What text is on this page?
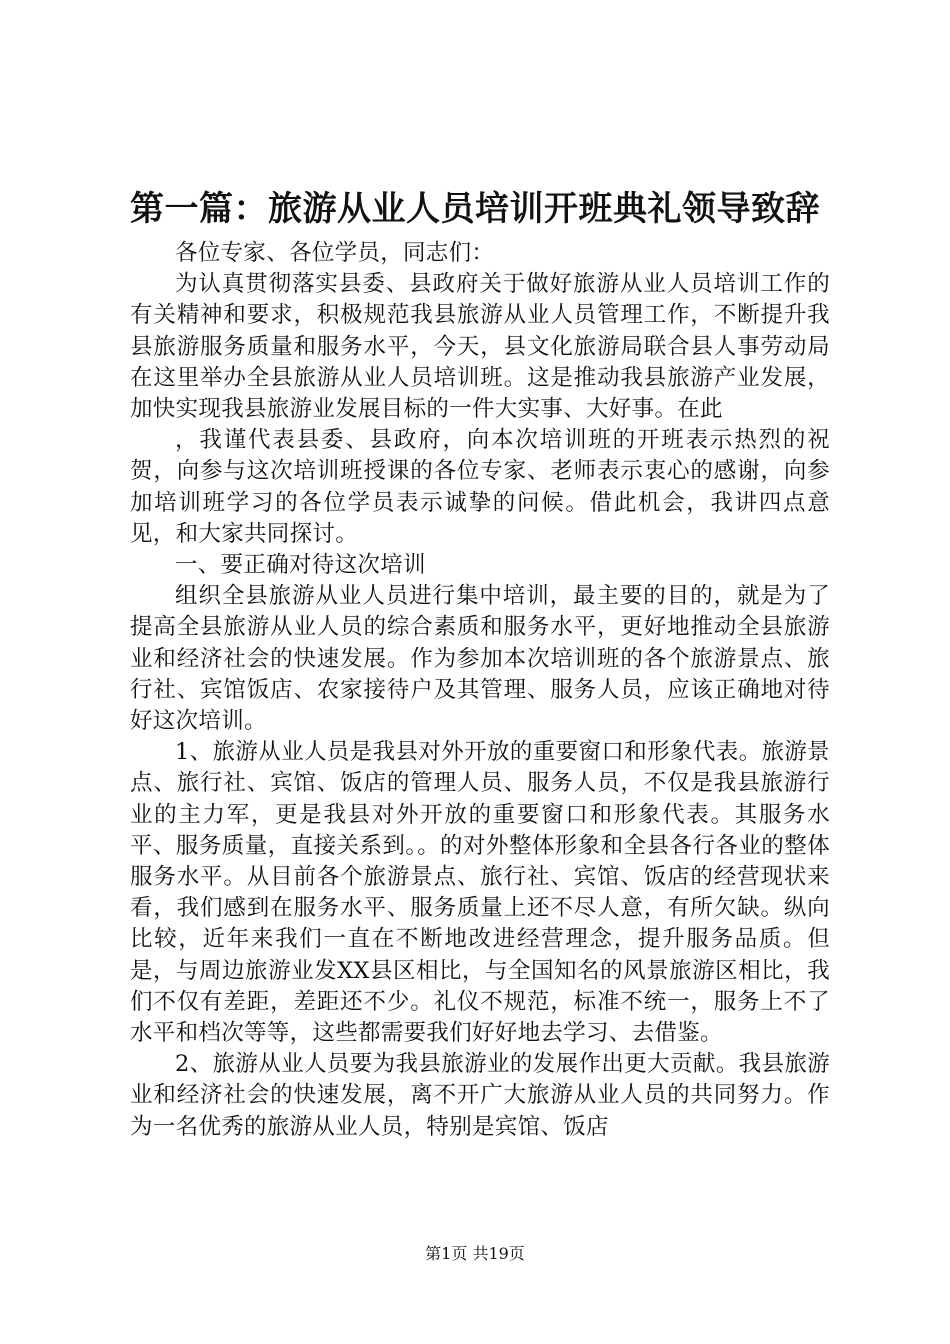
第一篇：旅游从业人员培训开班典礼领导致辞

各位专家、各位学员，同志们：

为认真贯彻落实县委、县政府关于做好旅游从业人员培训工作的有关精神和要求，积极规范我县旅游从业人员管理工作，不断提升我县旅游服务质量和服务水平，今天，县文化旅游局联合县人事劳动局在这里举办全县旅游从业人员培训班。这是推动我县旅游产业发展，加快实现我县旅游业发展目标的一件大实事、大好事。在此

，我谨代表县委、县政府，向本次培训班的开班表示热烈的祝贺，向参与这次培训班授课的各位专家、老师表示衷心的感谢，向参加培训班学习的各位学员表示诚挚的问候。借此机会，我讲四点意见，和大家共同探讨。

一、要正确对待这次培训

组织全县旅游从业人员进行集中培训，最主要的目的，就是为了提高全县旅游从业人员的综合素质和服务水平，更好地推动全县旅游业和经济社会的快速发展。作为参加本次培训班的各个旅游景点、旅行社、宾馆饭店、农家接待户及其管理、服务人员，应该正确地对待好这次培训。

1、旅游从业人员是我县对外开放的重要窗口和形象代表。旅游景点、旅行社、宾馆、饭店的管理人员、服务人员，不仅是我县旅游行业的主力军，更是我县对外开放的重要窗口和形象代表。其服务水平、服务质量，直接关系到。。的对外整体形象和全县各行各业的整体服务水平。从目前各个旅游景点、旅行社、宾馆、饭店的经营现状来看，我们感到在服务水平、服务质量上还不尽人意，有所欠缺。纵向比较，近年来我们一直在不断地改进经营理念，提升服务品质。但是，与周边旅游业发XX县区相比，与全国知名的风景旅游区相比，我们不仅有差距，差距还不少。礼仪不规范，标准不统一，服务上不了水平和档次等等，这些都需要我们好好地去学习、去借鉴。

2、旅游从业人员要为我县旅游业的发展作出更大贡献。我县旅游业和经济社会的快速发展，离不开广大旅游从业人员的共同努力。作为一名优秀的旅游从业人员，特别是宾馆、饭店

第1页 共19页
